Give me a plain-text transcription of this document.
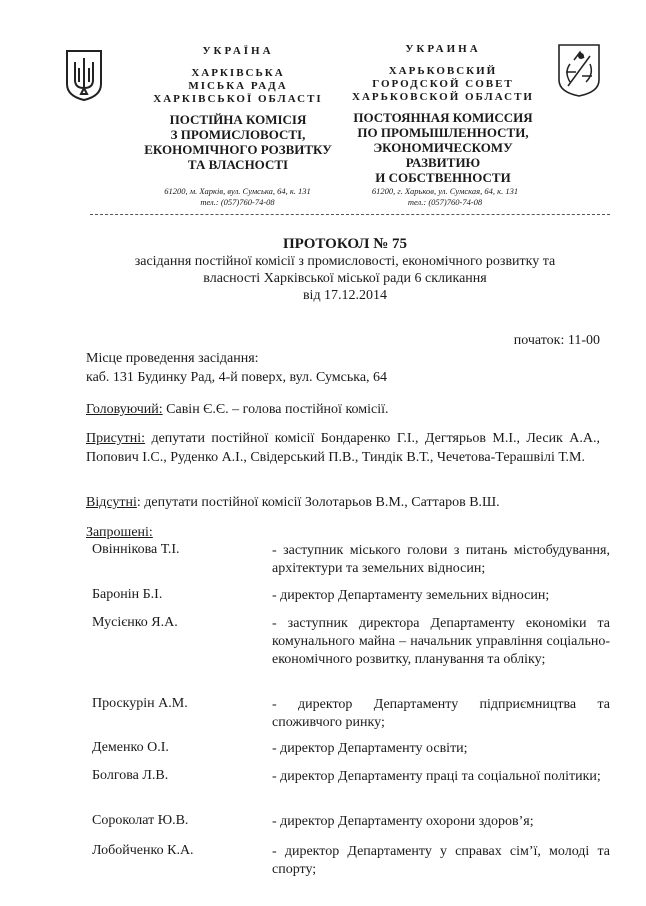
УКРАЇНА
ХАРКІВСЬКА
МІСЬКА РАДА
ХАРКІВСЬКОЇ ОБЛАСТІ
ПОСТІЙНА КОМІСІЯ
З ПРОМИСЛОВОСТІ,
ЕКОНОМІЧНОГО РОЗВИТКУ
ТА ВЛАСНОСТІ
61200, м. Харків, вул. Сумська, 64, к. 131
тел.: (057)760-74-08
УКРАИНА
ХАРЬКОВСКИЙ
ГОРОДСКОЙ СОВЕТ
ХАРЬКОВСКОЙ ОБЛАСТИ
ПОСТОЯННАЯ КОМИССИЯ
ПО ПРОМЫШЛЕННОСТИ,
ЭКОНОМИЧЕСКОМУ
РАЗВИТИЮ
И СОБСТВЕННОСТИ
61200, г. Харьков, ул. Сумская, 64, к. 131
тел.: (057)760-74-08
ПРОТОКОЛ № 75
засідання постійної комісії з промисловості, економічного розвитку та
власності Харківської міської ради 6 скликання
від 17.12.2014
початок: 11-00
Місце проведення засідання:
каб. 131 Будинку Рад, 4-й поверх, вул. Сумська, 64
Головуючий: Савін Є.Є. – голова постійної комісії.
Присутні: депутати постійної комісії Бондаренко Г.І., Дегтярьов М.І., Лесик А.А., Попович І.С., Руденко А.І., Свідерський П.В., Тиндік В.Т., Чечетова-Терашвілі Т.М.
Відсутні: депутати постійної комісії Золотарьов В.М., Саттаров В.Ш.
Запрошені:
Овіннікова Т.І.	- заступник міського голови з питань містобудування, архітектури та земельних відносин;
Баронін Б.І.	- директор Департаменту земельних відносин;
Мусієнко Я.А.	- заступник директора Департаменту економіки та комунального майна – начальник управління соціально-економічного розвитку, планування та обліку;
Проскурін А.М.	- директор Департаменту підприємництва та споживчого ринку;
Деменко О.І.	- директор Департаменту освіти;
Болгова Л.В.	- директор Департаменту праці та соціальної політики;
Сороколат Ю.В.	- директор Департаменту охорони здоров’я;
Лобойченко К.А.	- директор Департаменту у справах сім’ї, молоді та спорту;
